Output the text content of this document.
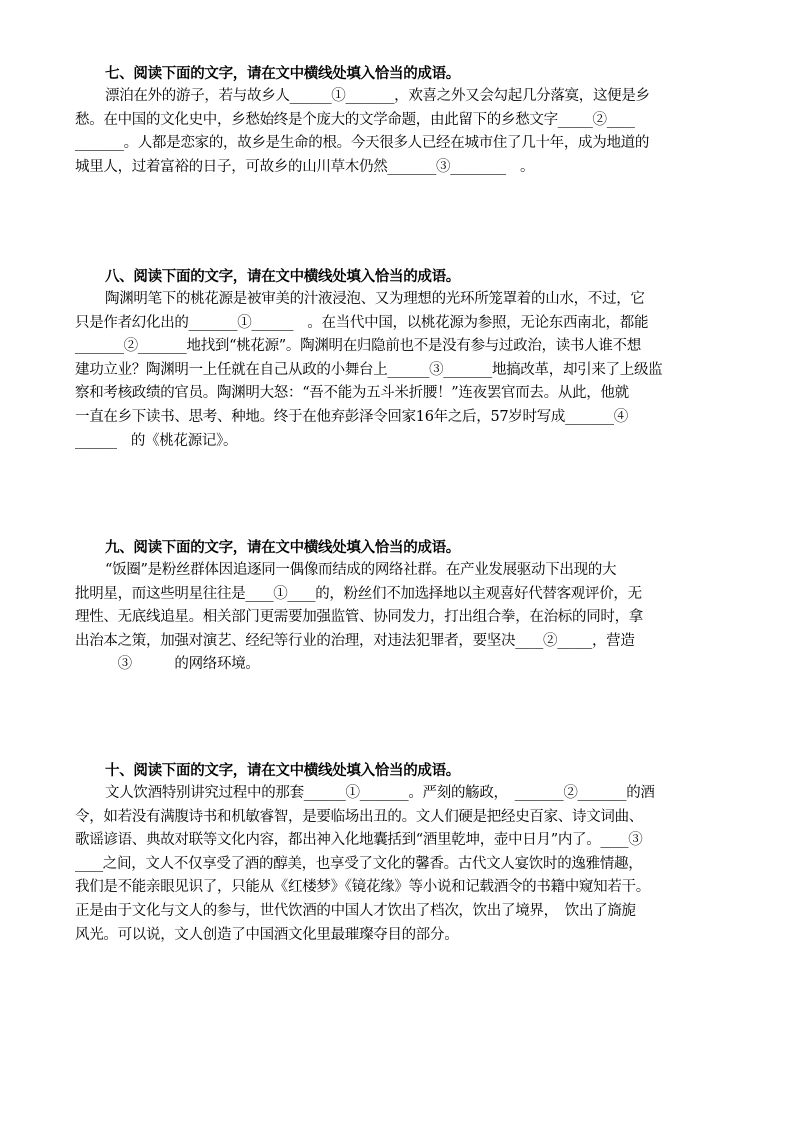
七、阅读下面的文字，请在文中横线处填入恰当的成语。
漂泊在外的游子，若与故乡人______①_______，欢喜之外又会勾起几分落寞，这便是乡
愁。在中国的文化史中，乡愁始终是个庞大的文学命题，由此留下的乡愁文字_____②____
_______。人都是恋家的，故乡是生命的根。今天很多人已经在城市住了几十年，成为地道的
城里人，过着富裕的日子，可故乡的山川草木仍然_______③________　。
八、阅读下面的文字，请在文中横线处填入恰当的成语。
陶渊明笔下的桃花源是被审美的汁液浸泡、又为理想的光环所笼罩着的山水，不过，它
只是作者幻化出的_______①______　。在当代中国，以桃花源为参照，无论东西南北，都能
_______②_______地找到“桃花源”。陶渊明在归隐前也不是没有参与过政治，读书人谁不想
建功立业？陶渊明一上任就在自己从政的小舞台上______③_______地搞改革，却引来了上级监
察和考核政绩的官员。陶渊明大怒：“吾不能为五斗米折腰！”连夜罢官而去。从此，他就
一直在乡下读书、思考、种地。终于在他弃彭泽令回家16年之后，57岁时写成_______④
______　的《桃花源记》。
九、阅读下面的文字，请在文中横线处填入恰当的成语。
“饭圈”是粉丝群体因追逐同一偶像而结成的网络社群。在产业发展驱动下出现的大
批明星，而这些明星往往是____①____的，粉丝们不加选择地以主观喜好代替客观评价，无
理性、无底线追星。相关部门更需要加强监管、协同发力，打出组合拳，在治标的同时，拿
出治本之策，加强对演艺、经纪等行业的治理，对违法犯罪者，要坚决____②_____，营造
　　　③　　　的网络环境。
十、阅读下面的文字，请在文中横线处填入恰当的成语。
文人饮酒特别讲究过程中的那套______①_______。严刻的觞政，　_______②_______的酒
令，如若没有满腹诗书和机敏睿智，是要临场出丑的。文人们硬是把经史百家、诗文词曲、
歌谣谚语、典故对联等文化内容，都出神入化地囊括到“酒里乾坤，壶中日月”内了。____③
____之间，文人不仅享受了酒的醇美，也享受了文化的馨香。古代文人宴饮时的逸雅情趣，
我们是不能亲眼见识了，只能从《红楼梦》《镜花缘》等小说和记载酒令的书籍中窥知若干。
正是由于文化与文人的参与，世代饮酒的中国人才饮出了档次，饮出了境界，　饮出了旖旎
风光。可以说，文人创造了中国酒文化里最璀璨夺目的部分。
